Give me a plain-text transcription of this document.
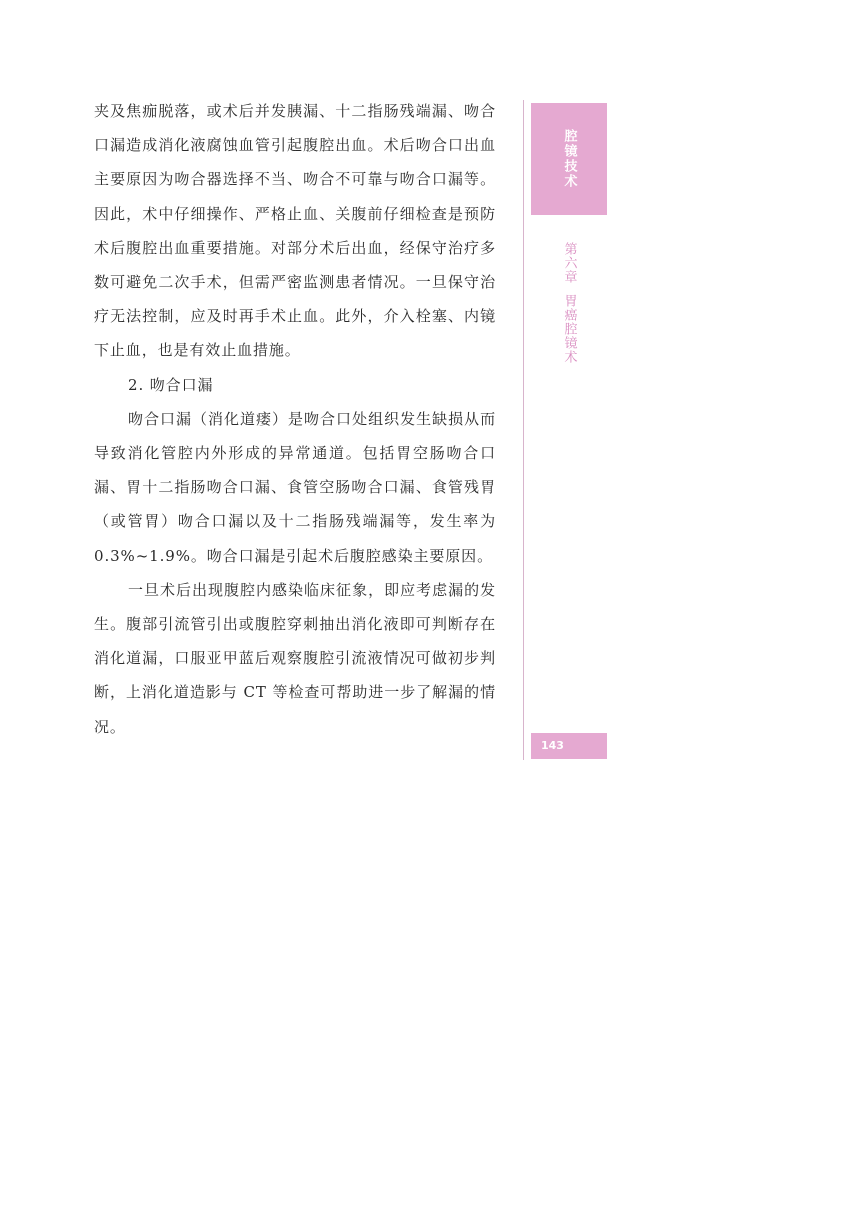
夹及焦痂脱落，或术后并发胰漏、十二指肠残端漏、吻合口漏造成消化液腐蚀血管引起腹腔出血。术后吻合口出血主要原因为吻合器选择不当、吻合不可靠与吻合口漏等。因此，术中仔细操作、严格止血、关腹前仔细检查是预防术后腹腔出血重要措施。对部分术后出血，经保守治疗多数可避免二次手术，但需严密监测患者情况。一旦保守治疗无法控制，应及时再手术止血。此外，介入栓塞、内镜下止血，也是有效止血措施。

2. 吻合口漏

吻合口漏（消化道瘘）是吻合口处组织发生缺损从而导致消化管腔内外形成的异常通道。包括胃空肠吻合口漏、胃十二指肠吻合口漏、食管空肠吻合口漏、食管残胃（或管胃）吻合口漏以及十二指肠残端漏等，发生率为 0.3%~1.9%。吻合口漏是引起术后腹腔感染主要原因。

一旦术后出现腹腔内感染临床征象，即应考虑漏的发生。腹部引流管引出或腹腔穿刺抽出消化液即可判断存在消化道漏，口服亚甲蓝后观察腹腔引流液情况可做初步判断，上消化道造影与 CT 等检查可帮助进一步了解漏的情况。

腔镜技术
第六章  胃癌腔镜术
143
